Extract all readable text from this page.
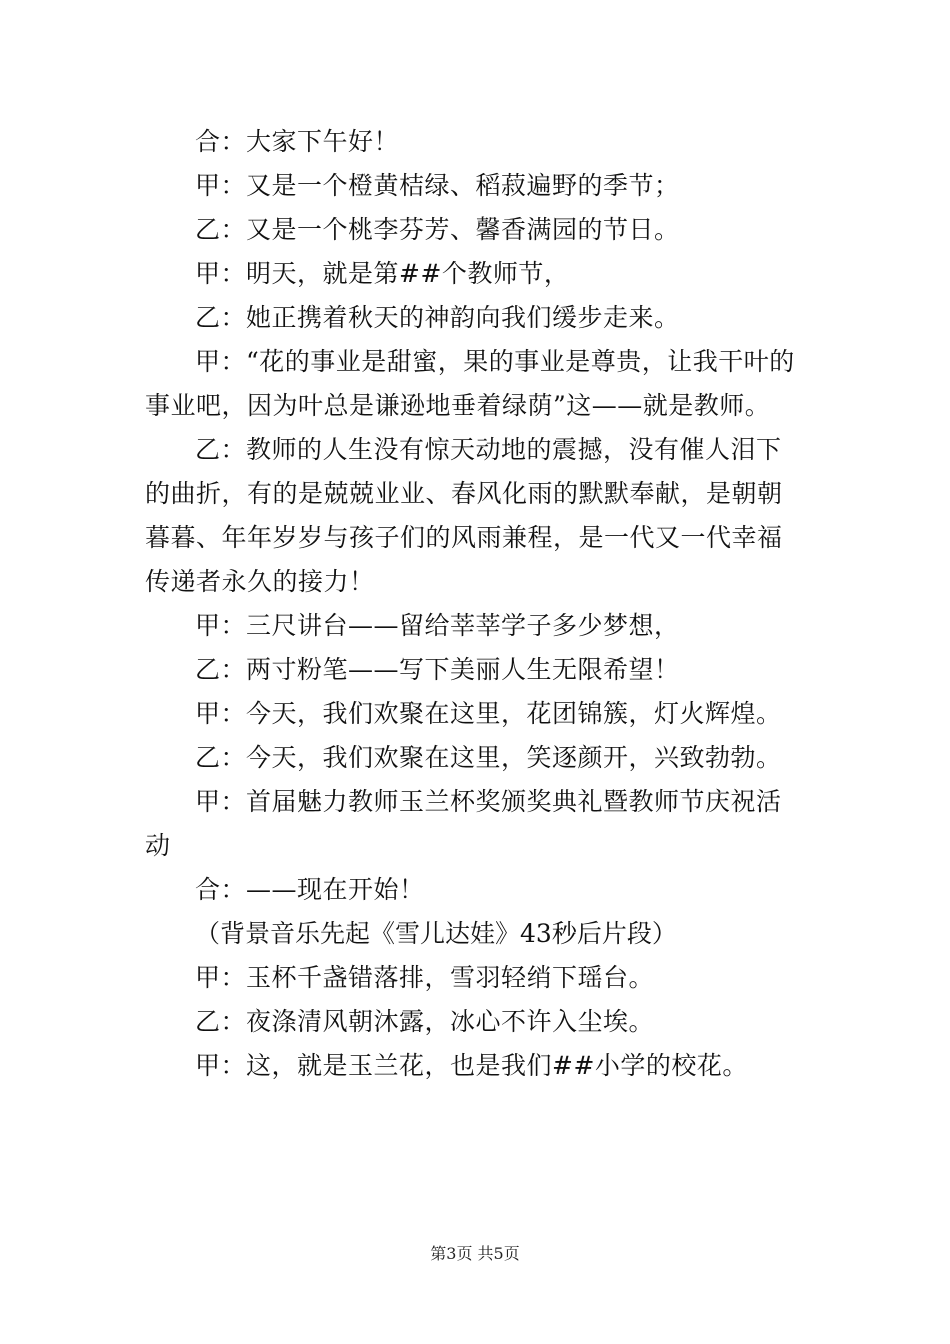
合：大家下午好！

甲：又是一个橙黄桔绿、稻菽遍野的季节；

乙：又是一个桃李芬芳、馨香满园的节日。

甲：明天，就是第##个教师节，

乙：她正携着秋天的神韵向我们缓步走来。

甲：“花的事业是甜蜜，果的事业是尊贵，让我干叶的事业吧，因为叶总是谦逊地垂着绿荫”这——就是教师。

乙：教师的人生没有惊天动地的震撼，没有催人泪下的曲折，有的是兢兢业业、春风化雨的默默奉献，是朝朝暮暮、年年岁岁与孩子们的风雨兼程，是一代又一代幸福传递者永久的接力！

甲：三尺讲台——留给莘莘学子多少梦想，

乙：两寸粉笔——写下美丽人生无限希望！

甲：今天，我们欢聚在这里，花团锦簇，灯火辉煌。

乙：今天，我们欢聚在这里，笑逐颜开，兴致勃勃。

甲：首届魅力教师玉兰杯奖颁奖典礼暨教师节庆祝活动

合：——现在开始！

（背景音乐先起《雪儿达娃》43秒后片段）

甲：玉杯千盏错落排，雪羽轻绡下瑶台。

乙：夜涤清风朝沐露，冰心不许入尘埃。

甲：这，就是玉兰花，也是我们##小学的校花。

第3页 共5页
